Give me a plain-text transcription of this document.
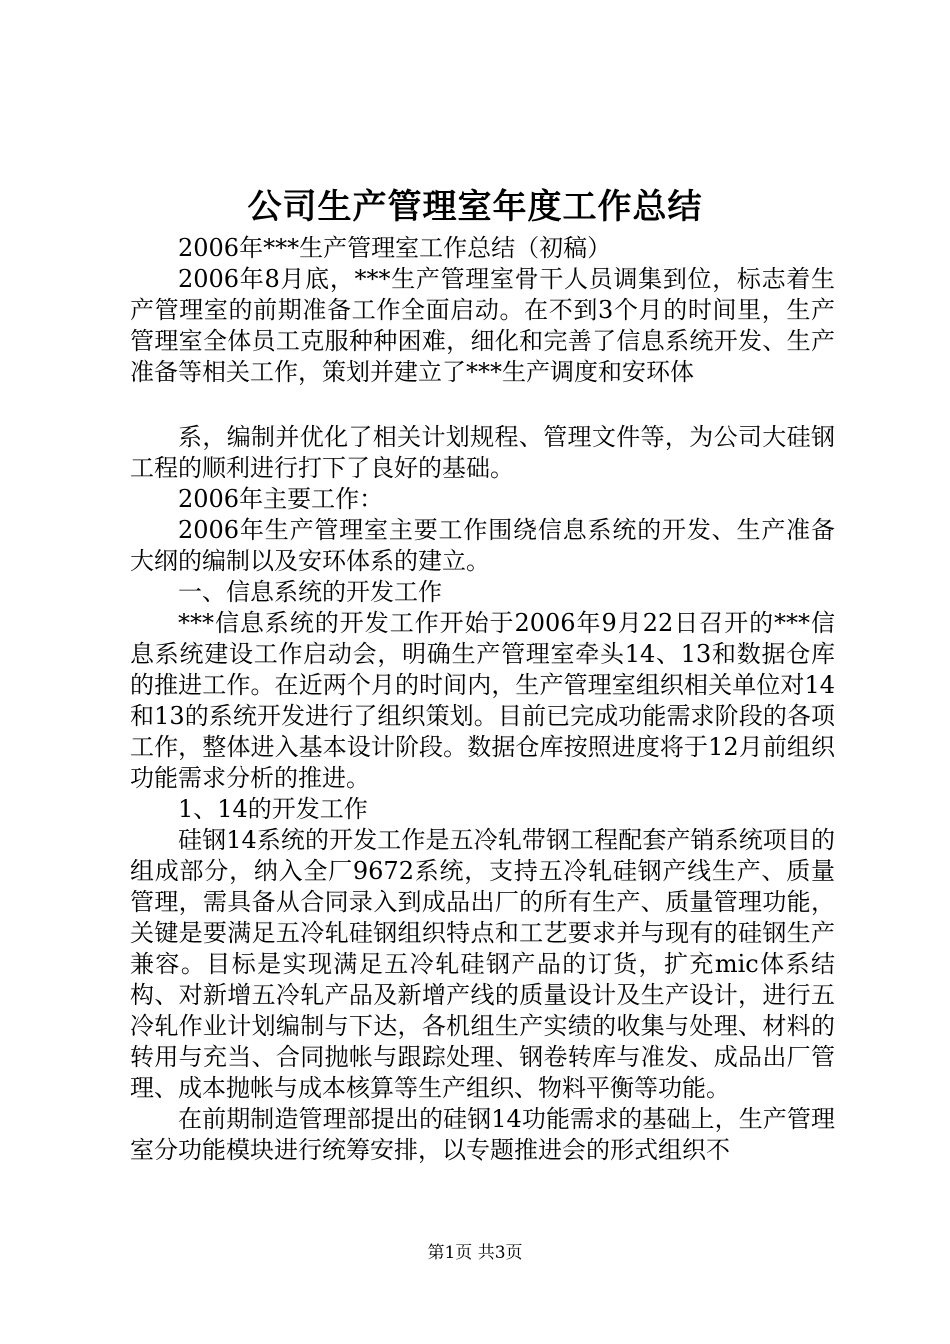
公司生产管理室年度工作总结

2006年***生产管理室工作总结（初稿）

2006年8月底，***生产管理室骨干人员调集到位，标志着生产管理室的前期准备工作全面启动。在不到3个月的时间里，生产管理室全体员工克服种种困难，细化和完善了信息系统开发、生产准备等相关工作，策划并建立了***生产调度和安环体

系，编制并优化了相关计划规程、管理文件等，为公司大硅钢工程的顺利进行打下了良好的基础。

2006年主要工作：

2006年生产管理室主要工作围绕信息系统的开发、生产准备大纲的编制以及安环体系的建立。

一、信息系统的开发工作

***信息系统的开发工作开始于2006年9月22日召开的***信息系统建设工作启动会，明确生产管理室牵头14、13和数据仓库的推进工作。在近两个月的时间内，生产管理室组织相关单位对14和13的系统开发进行了组织策划。目前已完成功能需求阶段的各项工作，整体进入基本设计阶段。数据仓库按照进度将于12月前组织功能需求分析的推进。

1、14的开发工作

硅钢14系统的开发工作是五冷轧带钢工程配套产销系统项目的组成部分，纳入全厂9672系统，支持五冷轧硅钢产线生产、质量管理，需具备从合同录入到成品出厂的所有生产、质量管理功能，关键是要满足五冷轧硅钢组织特点和工艺要求并与现有的硅钢生产兼容。目标是实现满足五冷轧硅钢产品的订货，扩充mic体系结构、对新增五冷轧产品及新增产线的质量设计及生产设计，进行五冷轧作业计划编制与下达，各机组生产实绩的收集与处理、材料的转用与充当、合同抛帐与跟踪处理、钢卷转库与准发、成品出厂管理、成本抛帐与成本核算等生产组织、物料平衡等功能。

在前期制造管理部提出的硅钢14功能需求的基础上，生产管理室分功能模块进行统筹安排，以专题推进会的形式组织不

第1页 共3页
